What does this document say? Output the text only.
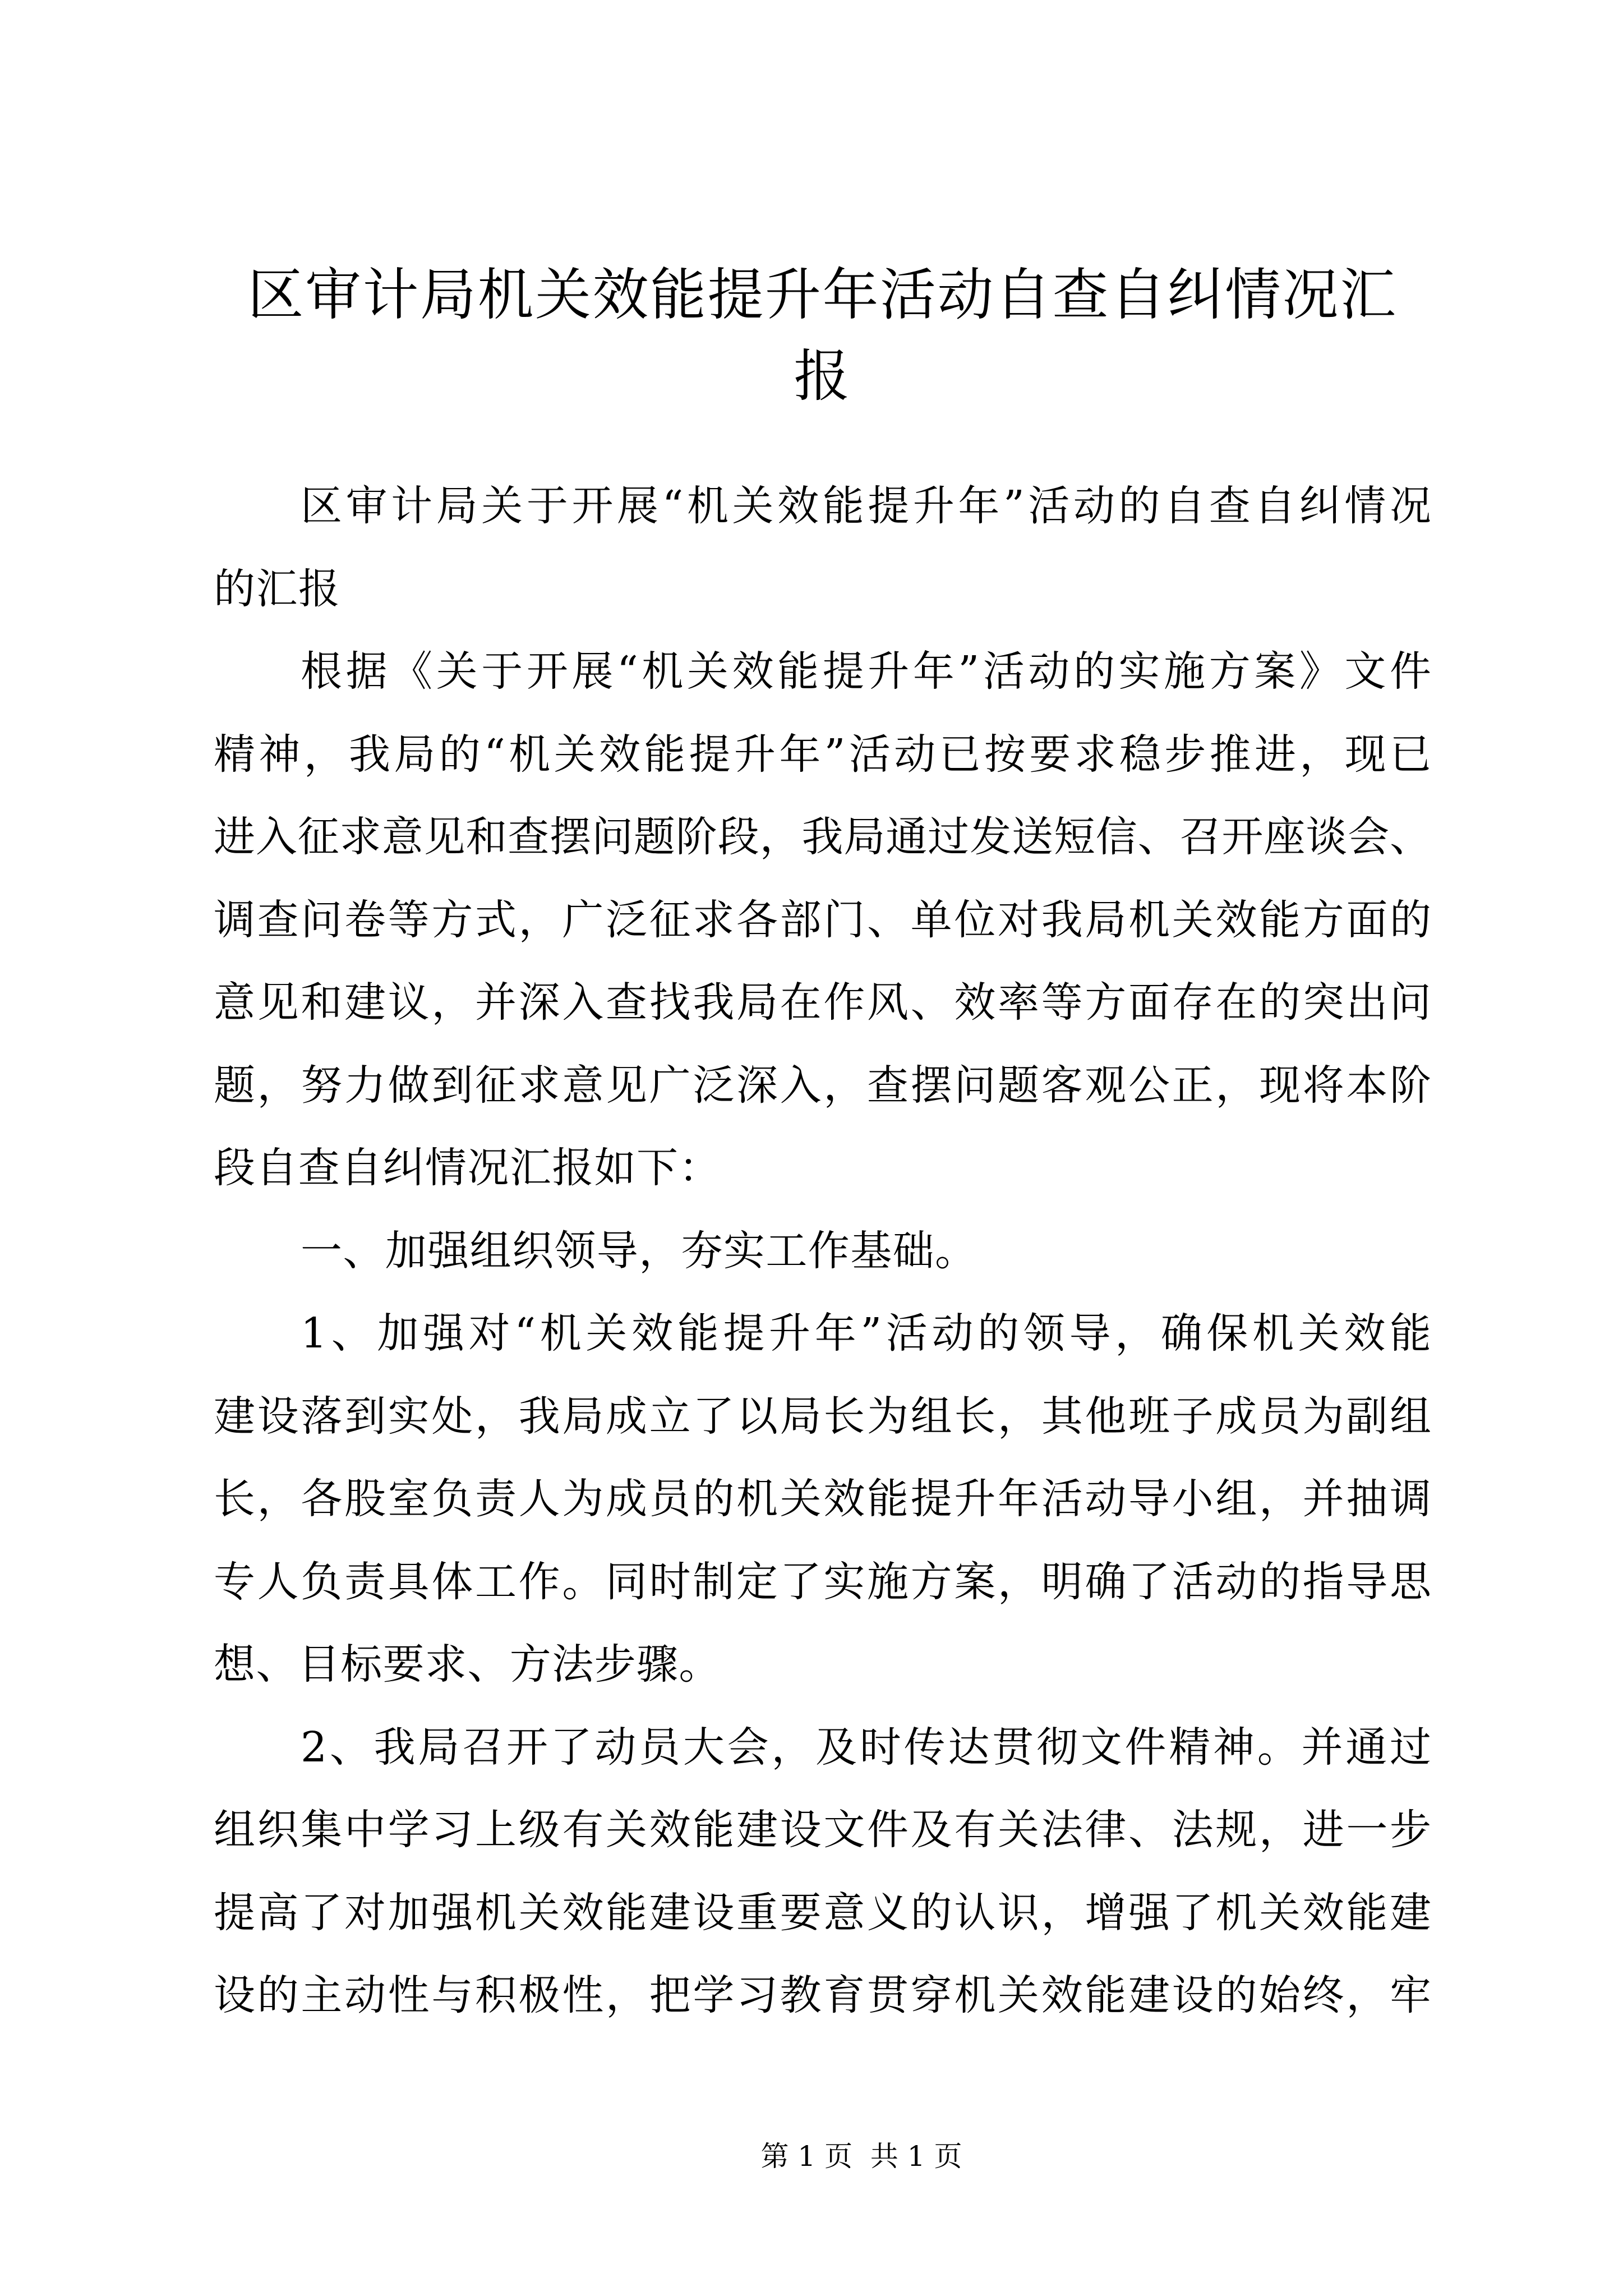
区审计局机关效能提升年活动自查自纠情况汇
报
区审计局关于开展“机关效能提升年”活动的自查自纠情况
的汇报
根据《关于开展“机关效能提升年”活动的实施方案》文件
精神，我局的“机关效能提升年”活动已按要求稳步推进，现已
进入征求意见和查摆问题阶段，我局通过发送短信、召开座谈会、
调查问卷等方式，广泛征求各部门、单位对我局机关效能方面的
意见和建议，并深入查找我局在作风、效率等方面存在的突出问
题，努力做到征求意见广泛深入，查摆问题客观公正，现将本阶
段自查自纠情况汇报如下：
一、加强组织领导，夯实工作基础。
1、加强对“机关效能提升年”活动的领导，确保机关效能
建设落到实处，我局成立了以局长为组长，其他班子成员为副组
长，各股室负责人为成员的机关效能提升年活动导小组，并抽调
专人负责具体工作。同时制定了实施方案，明确了活动的指导思
想、目标要求、方法步骤。
2、我局召开了动员大会，及时传达贯彻文件精神。并通过
组织集中学习上级有关效能建设文件及有关法律、法规，进一步
提高了对加强机关效能建设重要意义的认识，增强了机关效能建
设的主动性与积极性，把学习教育贯穿机关效能建设的始终，牢
第 1 页  共 1 页
